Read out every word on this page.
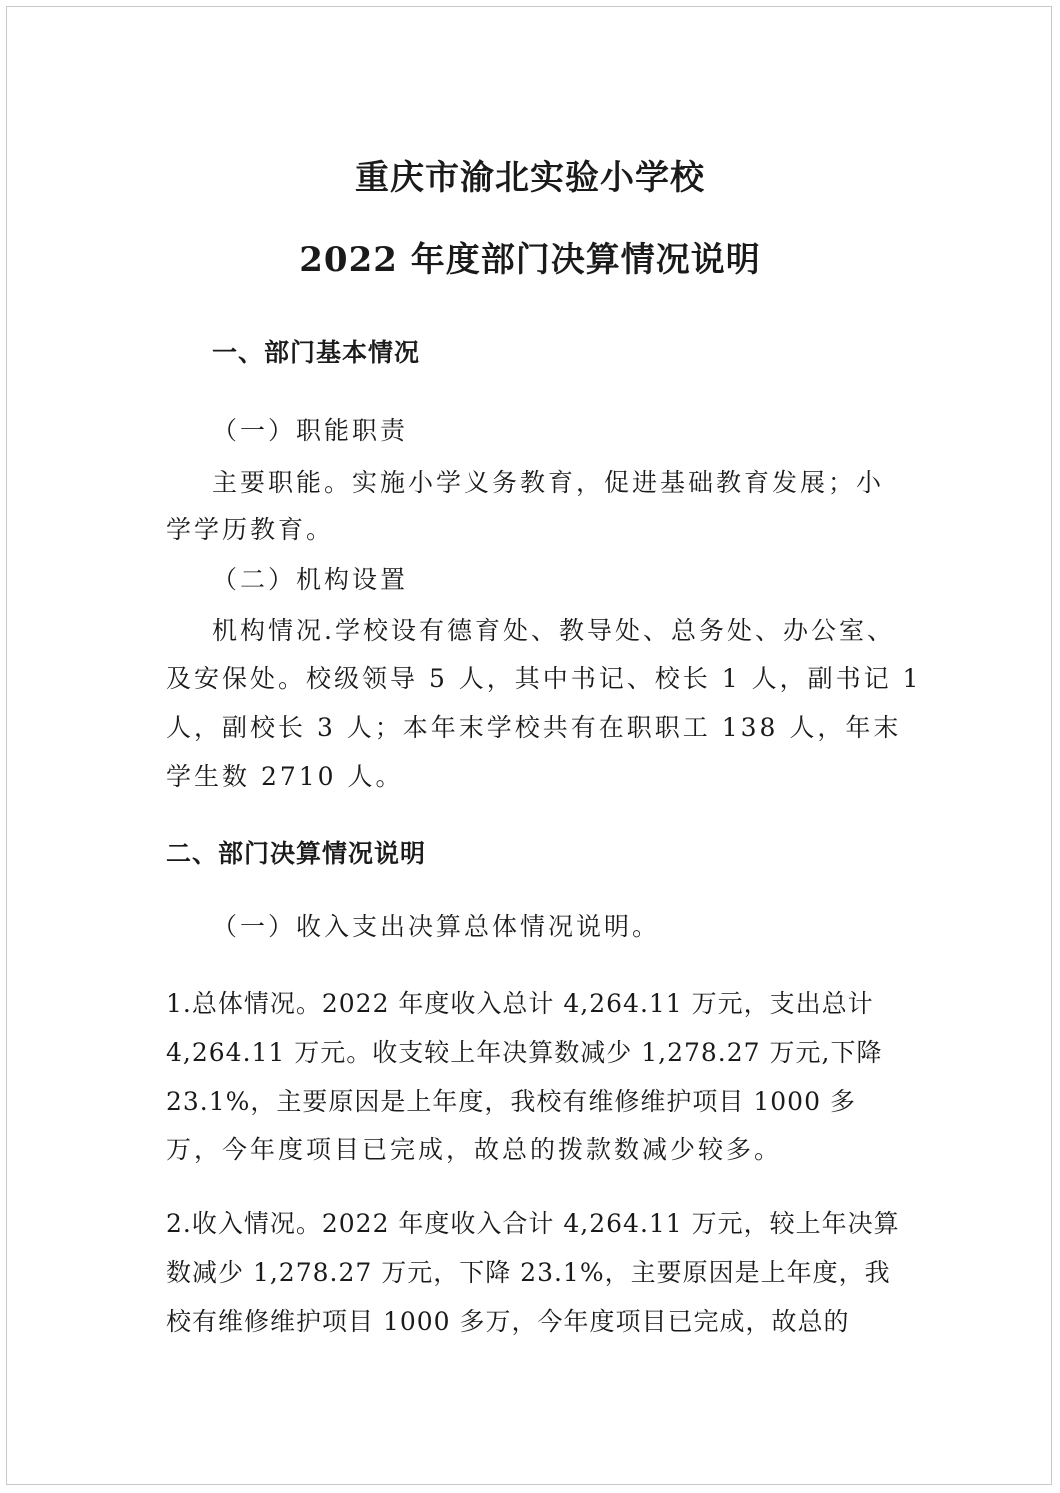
重庆市渝北实验小学校
2022 年度部门决算情况说明

一、部门基本情况

（一）职能职责

主要职能。实施小学义务教育，促进基础教育发展；小

学学历教育。

（二）机构设置

机构情况.学校设有德育处、教导处、总务处、办公室、

及安保处。校级领导 5 人，其中书记、校长 1 人，副书记 1

人，副校长 3 人；本年末学校共有在职职工 138 人，年末

学生数 2710 人。

二、部门决算情况说明

（一）收入支出决算总体情况说明。

1.总体情况。2022 年度收入总计 4,264.11 万元，支出总计

4,264.11 万元。收支较上年决算数减少 1,278.27 万元,下降

23.1%，主要原因是上年度，我校有维修维护项目 1000 多

万，今年度项目已完成，故总的拨款数减少较多。

2.收入情况。2022 年度收入合计 4,264.11 万元，较上年决算

数减少 1,278.27 万元，下降 23.1%，主要原因是上年度，我

校有维修维护项目 1000 多万，今年度项目已完成，故总的
